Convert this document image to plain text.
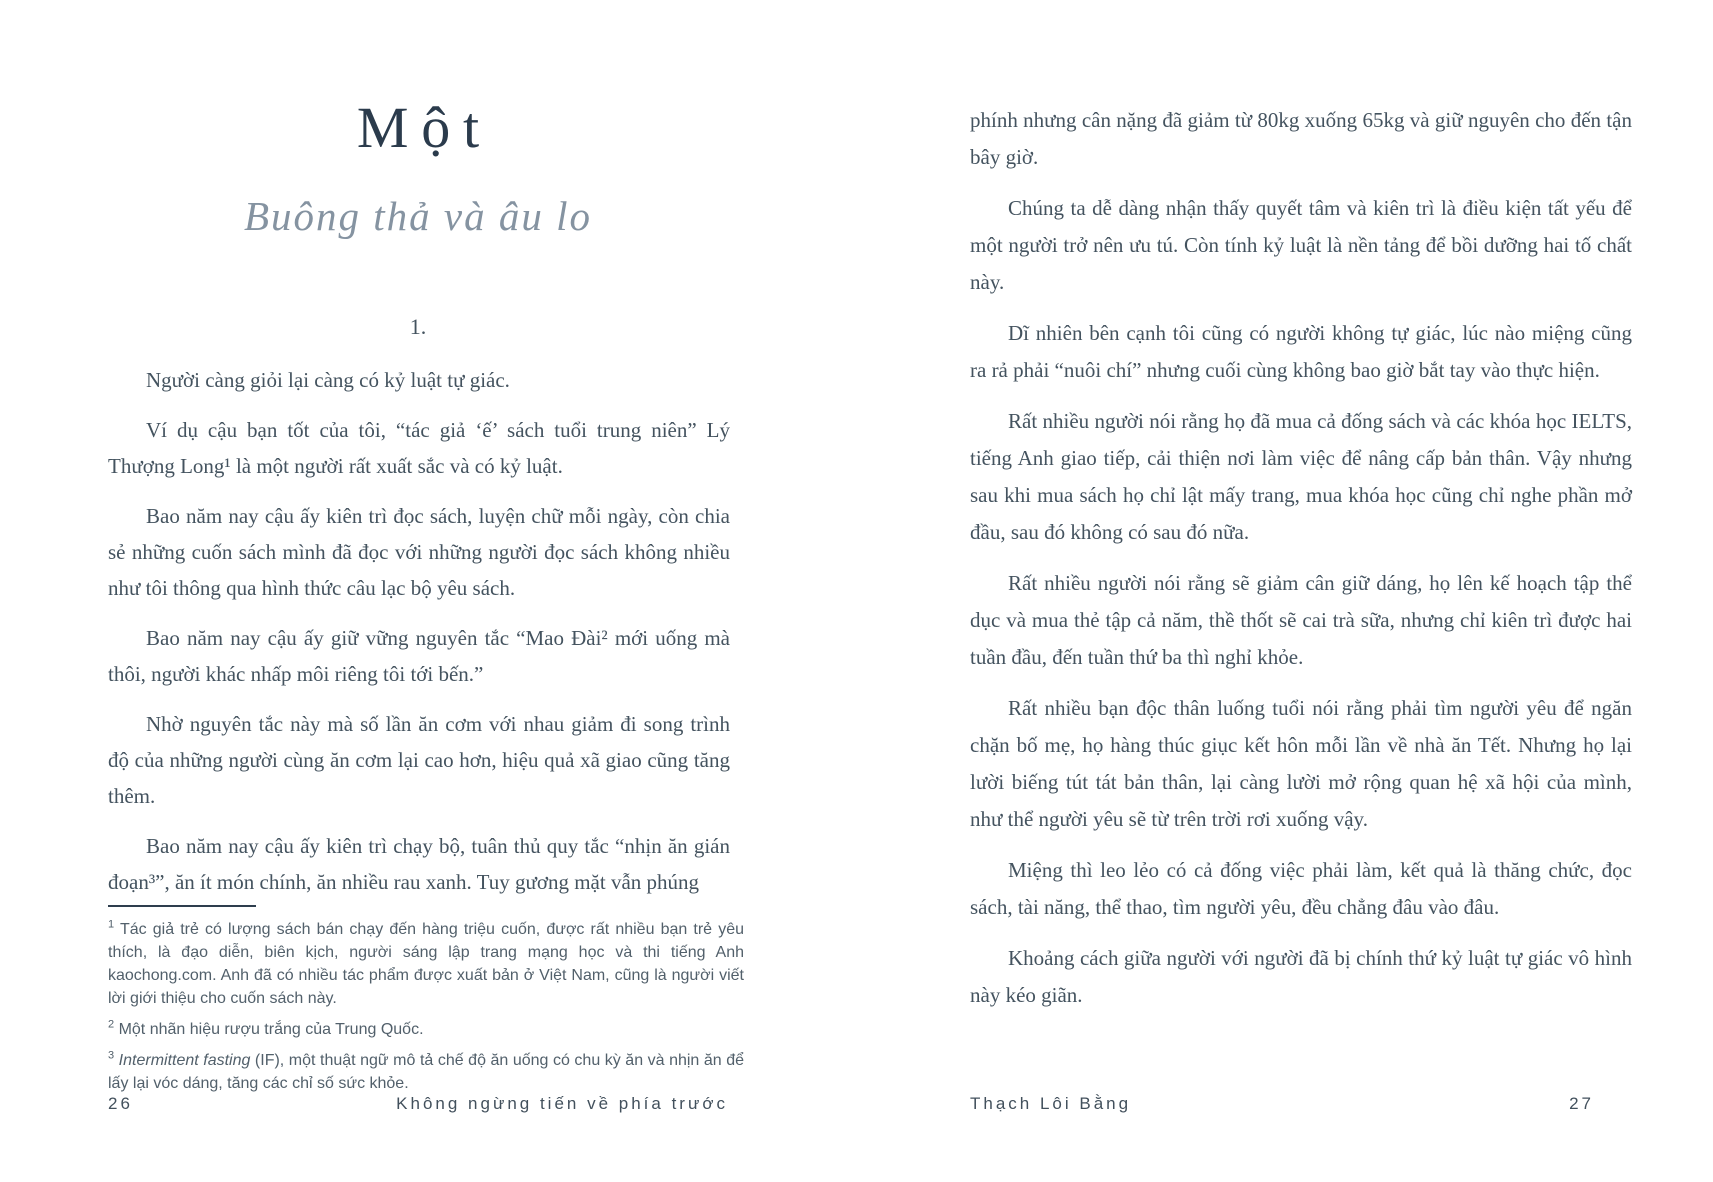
Một
Buông thả và âu lo
1.

Người càng giỏi lại càng có kỷ luật tự giác.

Ví dụ cậu bạn tốt của tôi, “tác giả ‘ế’ sách tuổi trung niên” Lý Thượng Long¹ là một người rất xuất sắc và có kỷ luật.

Bao năm nay cậu ấy kiên trì đọc sách, luyện chữ mỗi ngày, còn chia sẻ những cuốn sách mình đã đọc với những người đọc sách không nhiều như tôi thông qua hình thức câu lạc bộ yêu sách.

Bao năm nay cậu ấy giữ vững nguyên tắc “Mao Đài² mới uống mà thôi, người khác nhấp môi riêng tôi tới bến.”

Nhờ nguyên tắc này mà số lần ăn cơm với nhau giảm đi song trình độ của những người cùng ăn cơm lại cao hơn, hiệu quả xã giao cũng tăng thêm.

Bao năm nay cậu ấy kiên trì chạy bộ, tuân thủ quy tắc “nhịn ăn gián đoạn³”, ăn ít món chính, ăn nhiều rau xanh. Tuy gương mặt vẫn phúng

$^1$ Tác giả trẻ có lượng sách bán chạy đến hàng triệu cuốn, được rất nhiều bạn trẻ yêu thích, là đạo diễn, biên kịch, người sáng lập trang mạng học và thi tiếng Anh kaochong.com. Anh đã có nhiều tác phẩm được xuất bản ở Việt Nam, cũng là người viết lời giới thiệu cho cuốn sách này.
$^2$ Một nhãn hiệu rượu trắng của Trung Quốc.
$^3$ Intermittent fasting (IF), một thuật ngữ mô tả chế độ ăn uống có chu kỳ ăn và nhịn ăn để lấy lại vóc dáng, tăng các chỉ số sức khỏe.
26	Không ngừng tiến về phía trước

phính nhưng cân nặng đã giảm từ 80kg xuống 65kg và giữ nguyên cho đến tận bây giờ.

Chúng ta dễ dàng nhận thấy quyết tâm và kiên trì là điều kiện tất yếu để một người trở nên ưu tú. Còn tính kỷ luật là nền tảng để bồi dưỡng hai tố chất này.

Dĩ nhiên bên cạnh tôi cũng có người không tự giác, lúc nào miệng cũng ra rả phải “nuôi chí” nhưng cuối cùng không bao giờ bắt tay vào thực hiện.

Rất nhiều người nói rằng họ đã mua cả đống sách và các khóa học IELTS, tiếng Anh giao tiếp, cải thiện nơi làm việc để nâng cấp bản thân. Vậy nhưng sau khi mua sách họ chỉ lật mấy trang, mua khóa học cũng chỉ nghe phần mở đầu, sau đó không có sau đó nữa.

Rất nhiều người nói rằng sẽ giảm cân giữ dáng, họ lên kế hoạch tập thể dục và mua thẻ tập cả năm, thề thốt sẽ cai trà sữa, nhưng chỉ kiên trì được hai tuần đầu, đến tuần thứ ba thì nghỉ khỏe.

Rất nhiều bạn độc thân luống tuổi nói rằng phải tìm người yêu để ngăn chặn bố mẹ, họ hàng thúc giục kết hôn mỗi lần về nhà ăn Tết. Nhưng họ lại lười biếng tút tát bản thân, lại càng lười mở rộng quan hệ xã hội của mình, như thể người yêu sẽ từ trên trời rơi xuống vậy.

Miệng thì leo lẻo có cả đống việc phải làm, kết quả là thăng chức, đọc sách, tài năng, thể thao, tìm người yêu, đều chẳng đâu vào đâu.

Khoảng cách giữa người với người đã bị chính thứ kỷ luật tự giác vô hình này kéo giãn.

Thạch Lôi Bằng	27
